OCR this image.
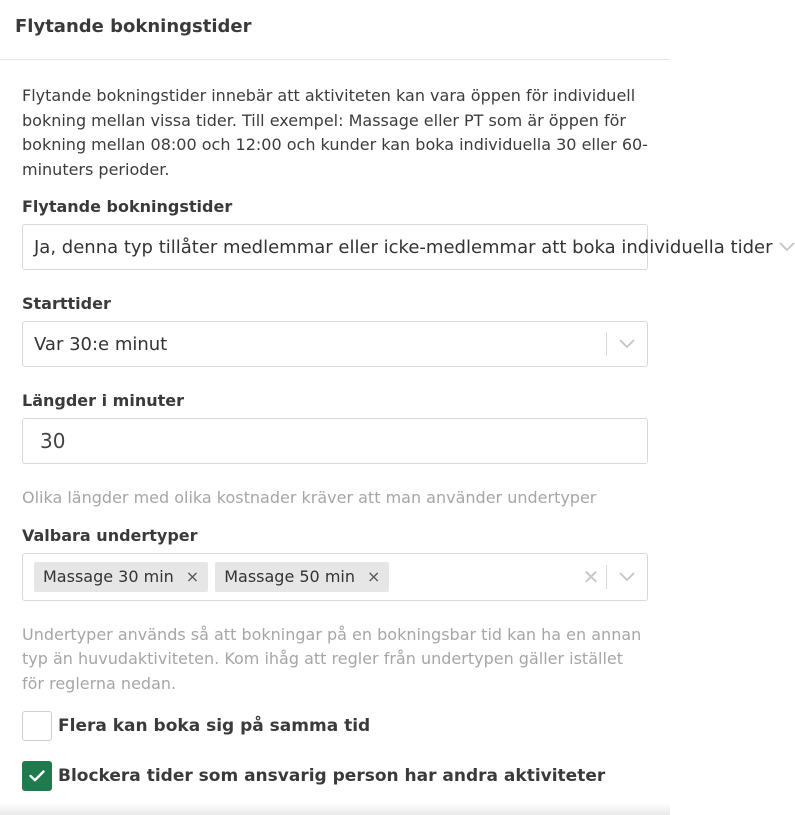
Flytande bokningstider

Flytande bokningstider innebär att aktiviteten kan vara öppen för individuell bokning mellan vissa tider. Till exempel: Massage eller PT som är öppen för bokning mellan 08:00 och 12:00 och kunder kan boka individuella 30 eller 60-minuters perioder.

Flytande bokningstider
Ja, denna typ tillåter medlemmar eller icke-medlemmar att boka individuella tider
Starttider
Var 30:e minut
Längder i minuter
30
Olika längder med olika kostnader kräver att man använder undertyper
Valbara undertyper
Massage 30 min × Massage 50 min ×	✕
Undertyper används så att bokningar på en bokningsbar tid kan ha en annan typ än huvudaktiviteten. Kom ihåg att regler från undertypen gäller istället för reglerna nedan.
Flera kan boka sig på samma tid
Blockera tider som ansvarig person har andra aktiviteter
